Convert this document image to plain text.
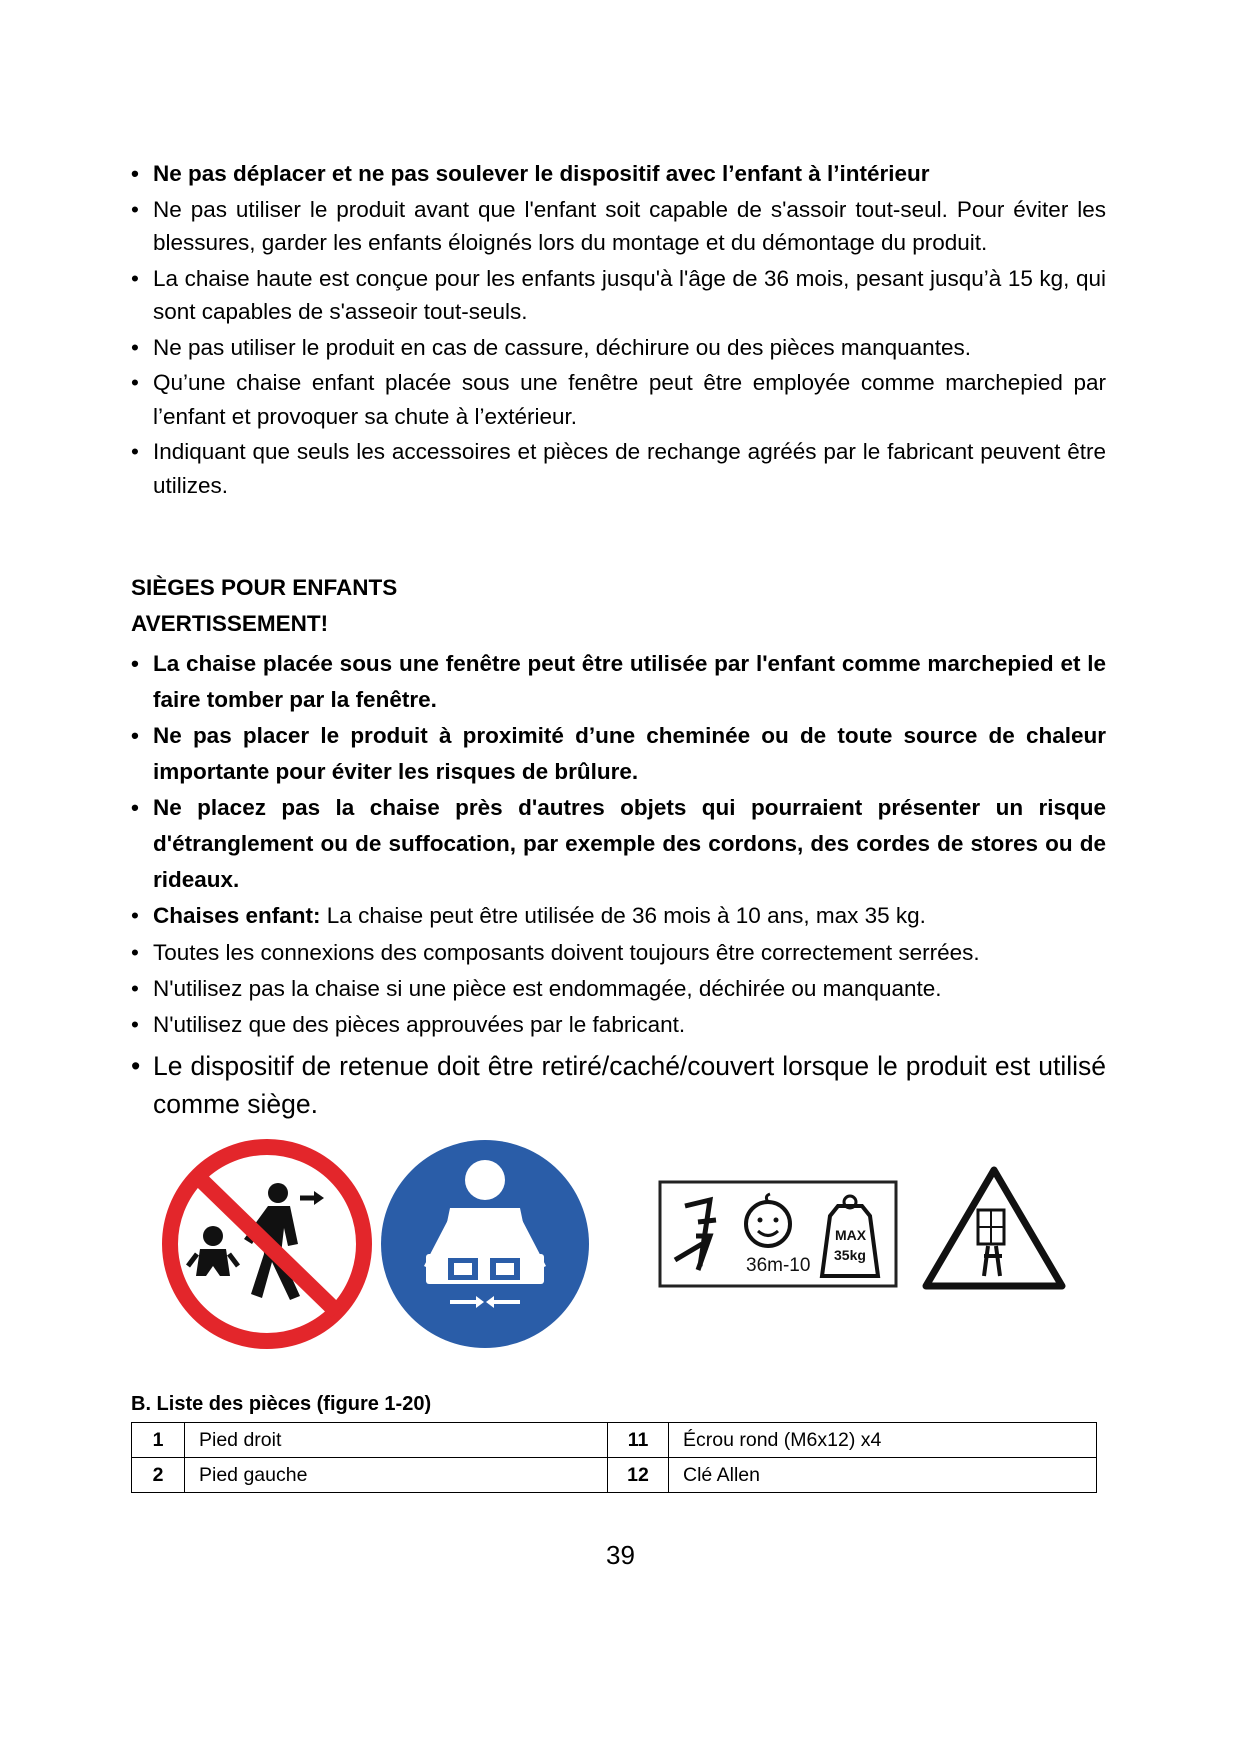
• Ne pas déplacer et ne pas soulever le dispositif avec l’enfant à l’intérieur
• Ne pas utiliser le produit avant que l'enfant soit capable de s'assoir tout-seul. Pour éviter les blessures, garder les enfants éloignés lors du montage et du démontage du produit.
• La chaise haute est conçue pour les enfants jusqu'à l'âge de 36 mois, pesant jusqu’à 15 kg, qui sont capables de s'asseoir tout-seuls.
• Ne pas utiliser le produit en cas de cassure, déchirure ou des pièces manquantes.
• Qu’une chaise enfant placée sous une fenêtre peut être employée comme marchepied par l’enfant et provoquer sa chute à l’extérieur.
• Indiquant que seuls les accessoires et pièces de rechange agréés par le fabricant peuvent être utilizes.
SIÈGES POUR ENFANTS
AVERTISSEMENT!
• La chaise placée sous une fenêtre peut être utilisée par l'enfant comme marchepied et le faire tomber par la fenêtre.
• Ne pas placer le produit à proximité d’une cheminée ou de toute source de chaleur importante pour éviter les risques de brûlure.
• Ne placez pas la chaise près d'autres objets qui pourraient présenter un risque d'étranglement ou de suffocation, par exemple des cordons, des cordes de stores ou de rideaux.
• Chaises enfant: La chaise peut être utilisée de 36 mois à 10 ans, max 35 kg.
• Toutes les connexions des composants doivent toujours être correctement serrées.
• N'utilisez pas la chaise si une pièce est endommagée, déchirée ou manquante.
• N'utilisez que des pièces approuvées par le fabricant.
• Le dispositif de retenue doit être retiré/caché/couvert lorsque le produit est utilisé comme siège.
36m-10
MAX
35kg
B. Liste des pièces (figure 1-20)
1	Pied droit	11	Écrou rond (M6x12) x4
2	Pied gauche	12	Clé Allen
39
